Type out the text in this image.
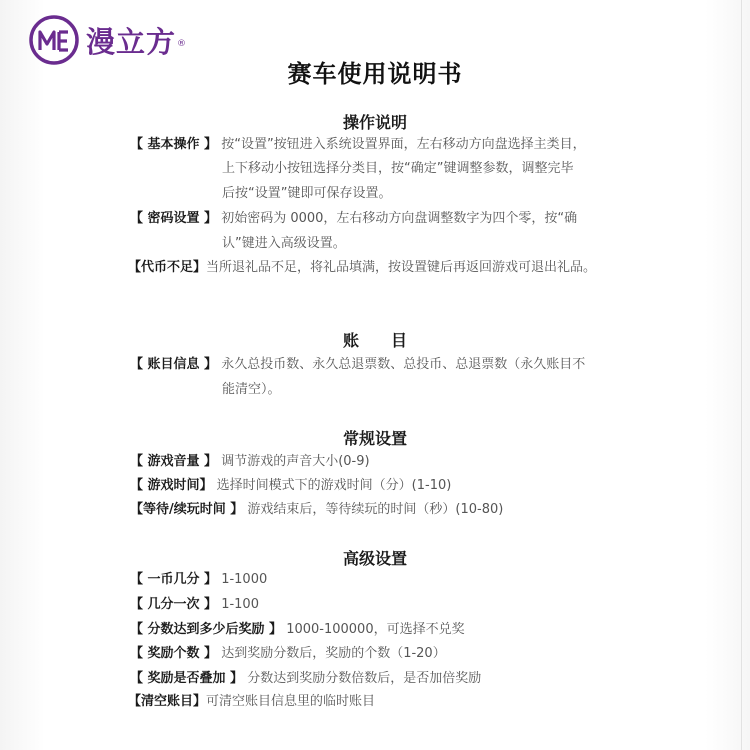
漫立方 ®
赛车使用说明书
操作说明
【 基本操作 】 按“设置”按钮进入系统设置界面，左右移动方向盘选择主类目，
上下移动小按钮选择分类目，按“确定”键调整参数，调整完毕
后按“设置”键即可保存设置。
【 密码设置 】 初始密码为 0000，左右移动方向盘调整数字为四个零，按“确
认”键进入高级设置。
【代币不足】当所退礼品不足，将礼品填满，按设置键后再返回游戏可退出礼品。
账　　目
【 账目信息 】 永久总投币数、永久总退票数、总投币、总退票数（永久账目不
能清空）。
常规设置
【 游戏音量 】 调节游戏的声音大小(0-9)
【 游戏时间】 选择时间模式下的游戏时间（分）(1-10)
【等待/续玩时间 】 游戏结束后，等待续玩的时间（秒）(10-80)
高级设置
【 一币几分 】 1-1000
【 几分一次 】 1-100
【 分数达到多少后奖励 】 1000-100000，可选择不兑奖
【 奖励个数 】 达到奖励分数后，奖励的个数（1-20）
【 奖励是否叠加 】 分数达到奖励分数倍数后，是否加倍奖励
【清空账目】可清空账目信息里的临时账目
